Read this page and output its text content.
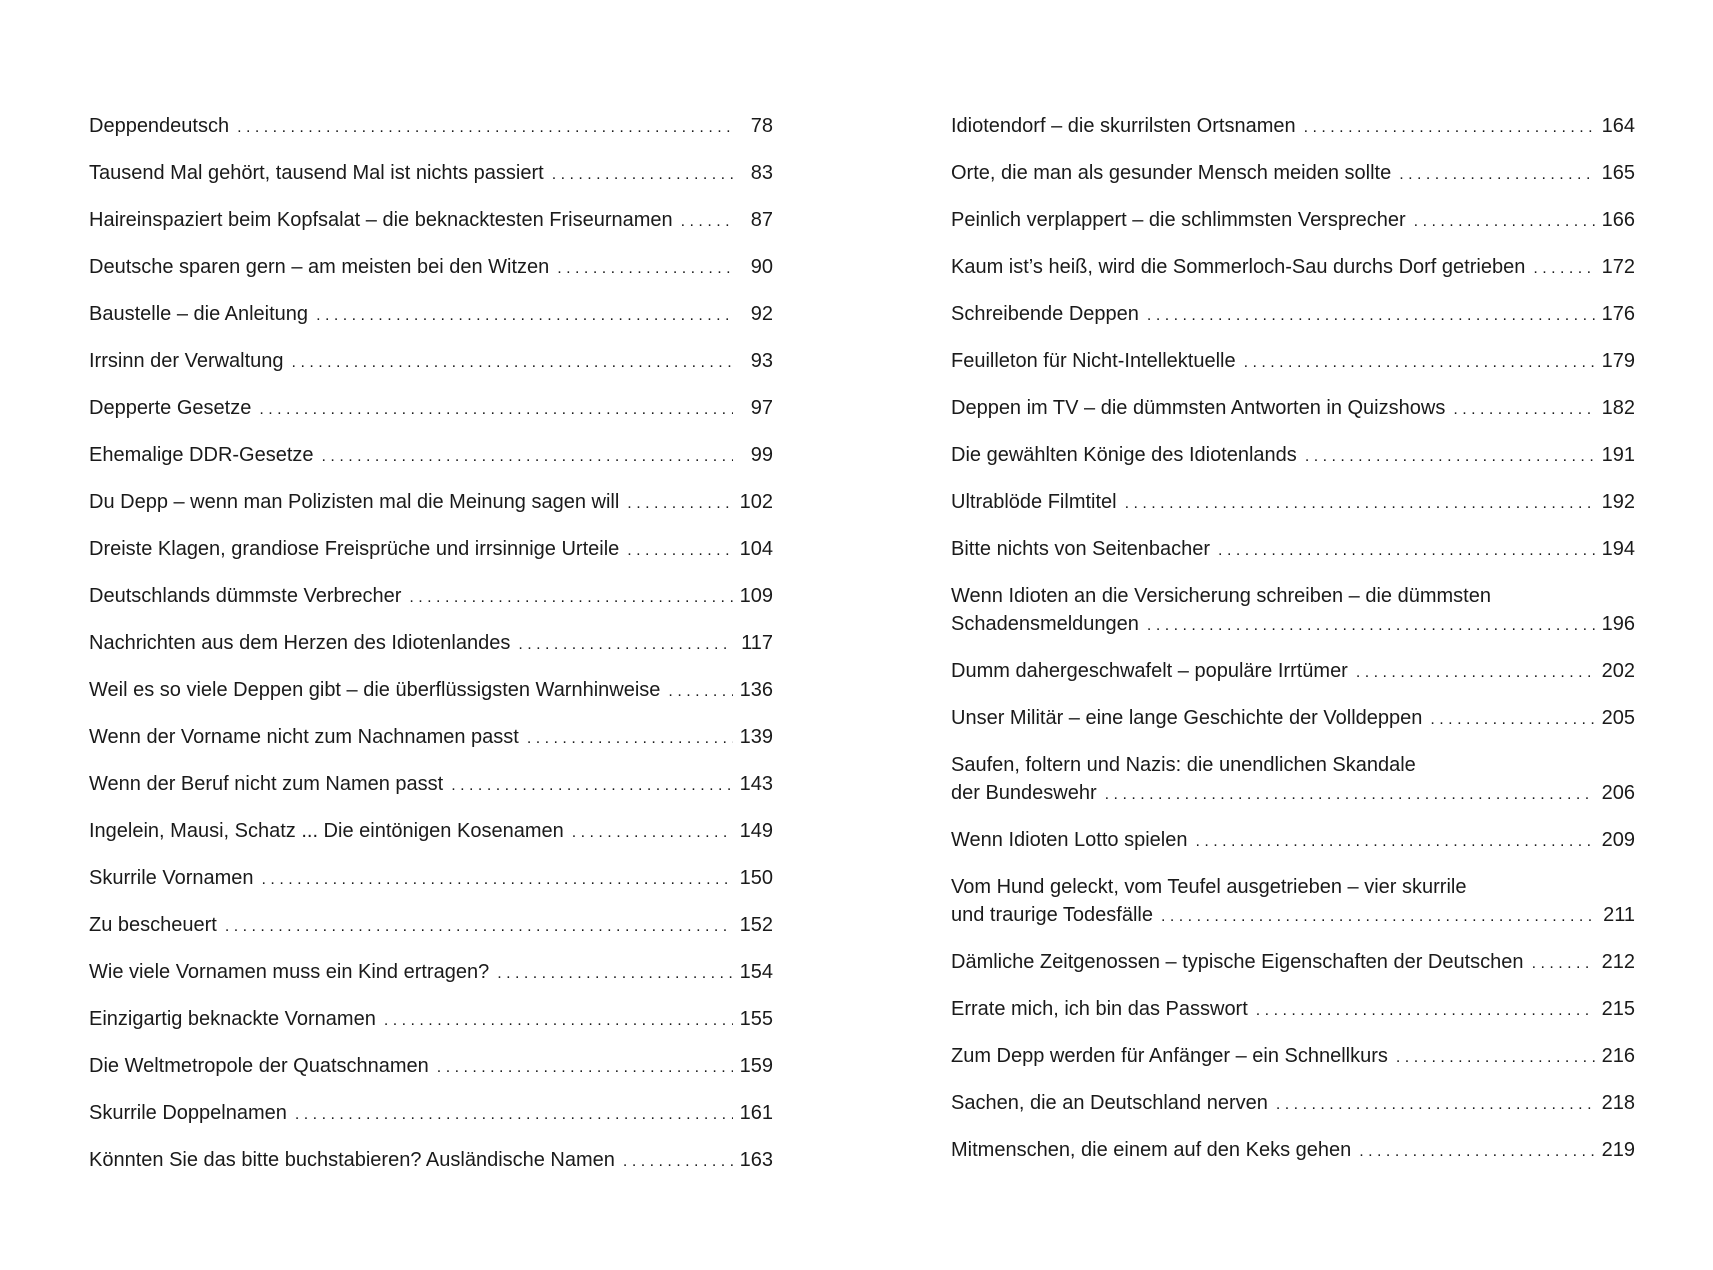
Deppendeutsch . . .	78
Tausend Mal gehört, tausend Mal ist nichts passiert . . .	83
Haireinspaziert beim Kopfsalat – die beknacktesten Friseurnamen . . .	87
Deutsche sparen gern – am meisten bei den Witzen . . .	90
Baustelle – die Anleitung . . .	92
Irrsinn der Verwaltung . . .	93
Depperte Gesetze . . .	97
Ehemalige DDR-Gesetze . . .	99
Du Depp – wenn man Polizisten mal die Meinung sagen will . . .	102
Dreiste Klagen, grandiose Freisprüche und irrsinnige Urteile . . .	104
Deutschlands dümmste Verbrecher . . .	109
Nachrichten aus dem Herzen des Idiotenlandes . . .	117
Weil es so viele Deppen gibt – die überflüssigsten Warnhinweise . . .	136
Wenn der Vorname nicht zum Nachnamen passt . . .	139
Wenn der Beruf nicht zum Namen passt . . .	143
Ingelein, Mausi, Schatz ... Die eintönigen Kosenamen . . .	149
Skurrile Vornamen . . .	150
Zu bescheuert . . .	152
Wie viele Vornamen muss ein Kind ertragen? . . .	154
Einzigartig beknackte Vornamen . . .	155
Die Weltmetropole der Quatschnamen . . .	159
Skurrile Doppelnamen . . .	161
Könnten Sie das bitte buchstabieren? Ausländische Namen . . .	163
Idiotendorf – die skurrilsten Ortsnamen . . .	164
Orte, die man als gesunder Mensch meiden sollte . . .	165
Peinlich verplappert – die schlimmsten Versprecher . . .	166
Kaum ist’s heiß, wird die Sommerloch-Sau durchs Dorf getrieben . . .	172
Schreibende Deppen . . .	176
Feuilleton für Nicht-Intellektuelle . . .	179
Deppen im TV – die dümmsten Antworten in Quizshows . . .	182
Die gewählten Könige des Idiotenlands . . .	191
Ultrablöde Filmtitel . . .	192
Bitte nichts von Seitenbacher . . .	194
Wenn Idioten an die Versicherung schreiben – die dümmsten
Schadensmeldungen . . .	196
Dumm dahergeschwafelt – populäre Irrtümer . . .	202
Unser Militär – eine lange Geschichte der Volldeppen . . .	205
Saufen, foltern und Nazis: die unendlichen Skandale
der Bundeswehr . . .	206
Wenn Idioten Lotto spielen . . .	209
Vom Hund geleckt, vom Teufel ausgetrieben – vier skurrile
und traurige Todesfälle . . .	211
Dämliche Zeitgenossen – typische Eigenschaften der Deutschen . . .	212
Errate mich, ich bin das Passwort . . .	215
Zum Depp werden für Anfänger – ein Schnellkurs . . .	216
Sachen, die an Deutschland nerven . . .	218
Mitmenschen, die einem auf den Keks gehen . . .	219
